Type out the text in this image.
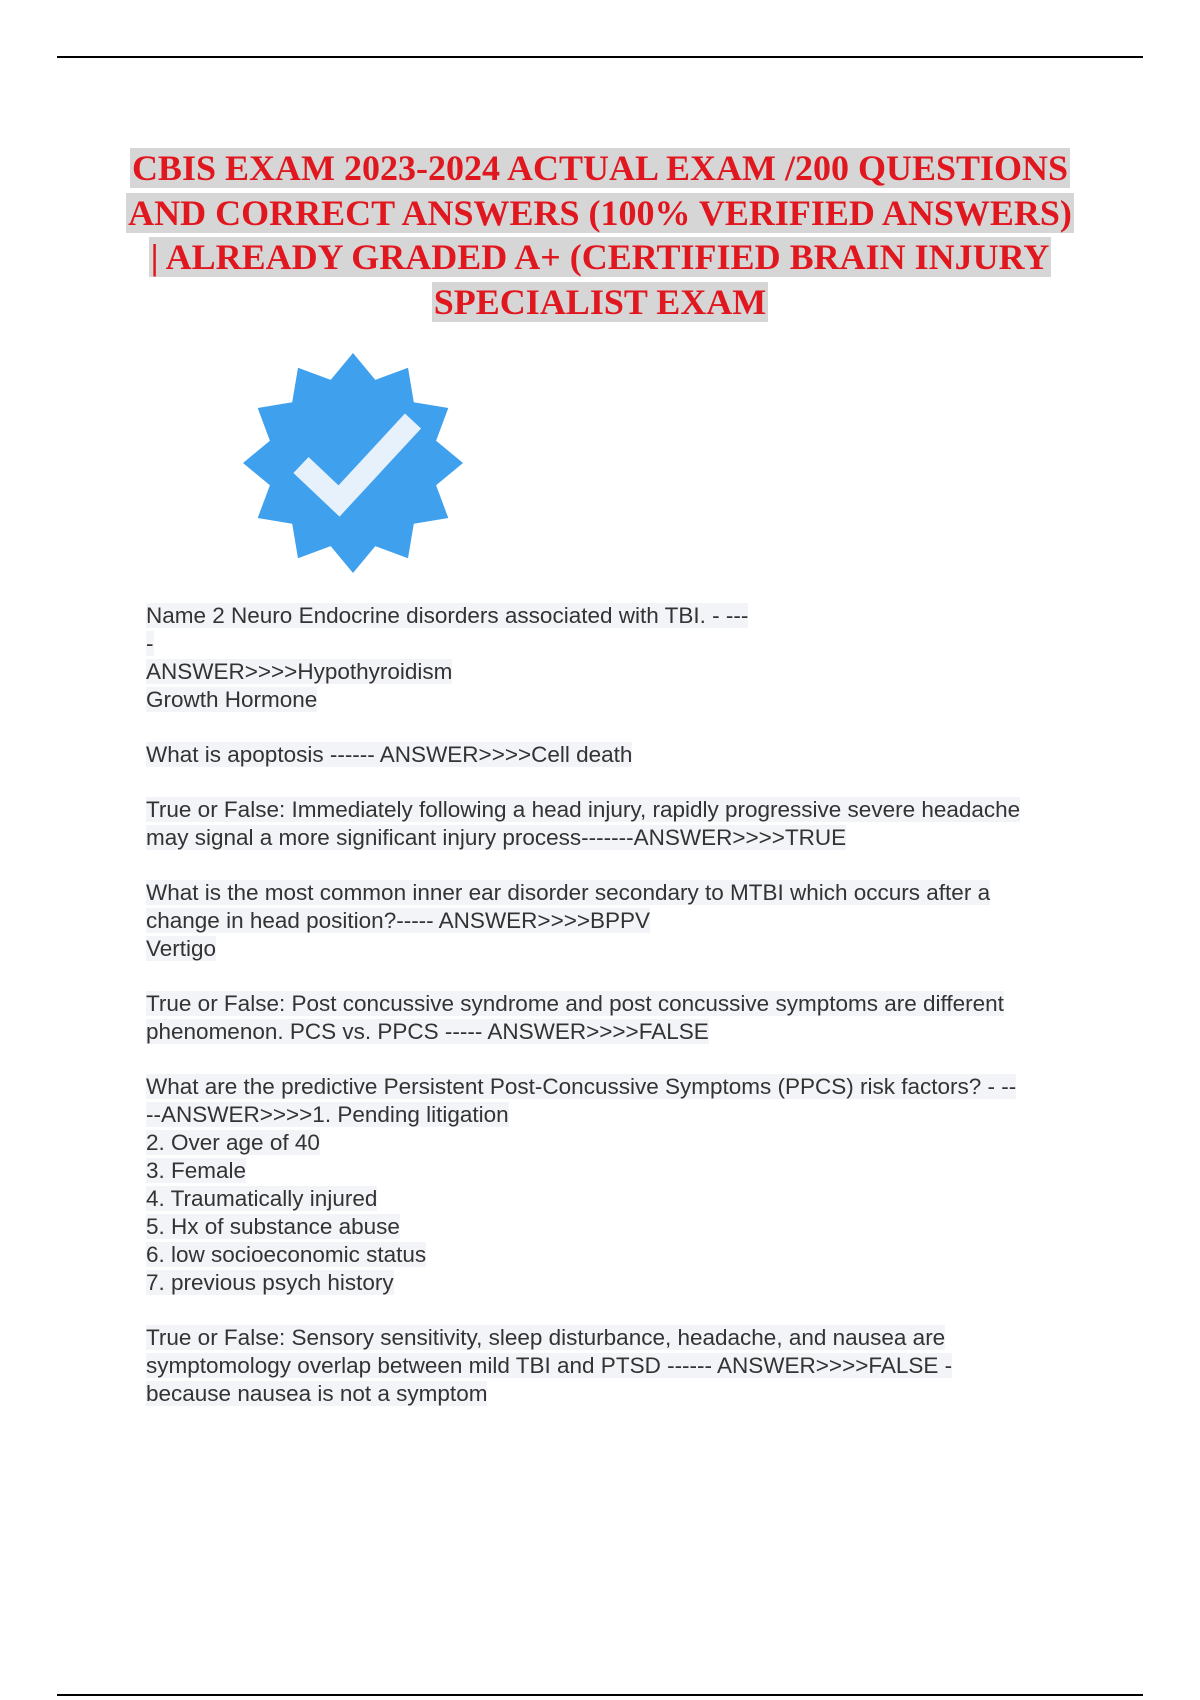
CBIS EXAM 2023-2024 ACTUAL EXAM /200 QUESTIONS
AND CORRECT ANSWERS (100% VERIFIED ANSWERS)
| ALREADY GRADED A+ (CERTIFIED BRAIN INJURY
SPECIALIST EXAM
Name 2 Neuro Endocrine disorders associated with TBI. - ---
-
ANSWER>>>>Hypothyroidism
Growth Hormone
What is apoptosis ------ ANSWER>>>>Cell death
True or False: Immediately following a head injury, rapidly progressive severe headache
may signal a more significant injury process-------ANSWER>>>>TRUE
What is the most common inner ear disorder secondary to MTBI which occurs after a
change in head position?----- ANSWER>>>>BPPV
Vertigo
True or False: Post concussive syndrome and post concussive symptoms are different
phenomenon. PCS vs. PPCS ----- ANSWER>>>>FALSE
What are the predictive Persistent Post-Concussive Symptoms (PPCS) risk factors? - --
--ANSWER>>>>1. Pending litigation
2. Over age of 40
3. Female
4. Traumatically injured
5. Hx of substance abuse
6. low socioeconomic status
7. previous psych history
True or False: Sensory sensitivity, sleep disturbance, headache, and nausea are
symptomology overlap between mild TBI and PTSD ------ ANSWER>>>>FALSE -
because nausea is not a symptom
